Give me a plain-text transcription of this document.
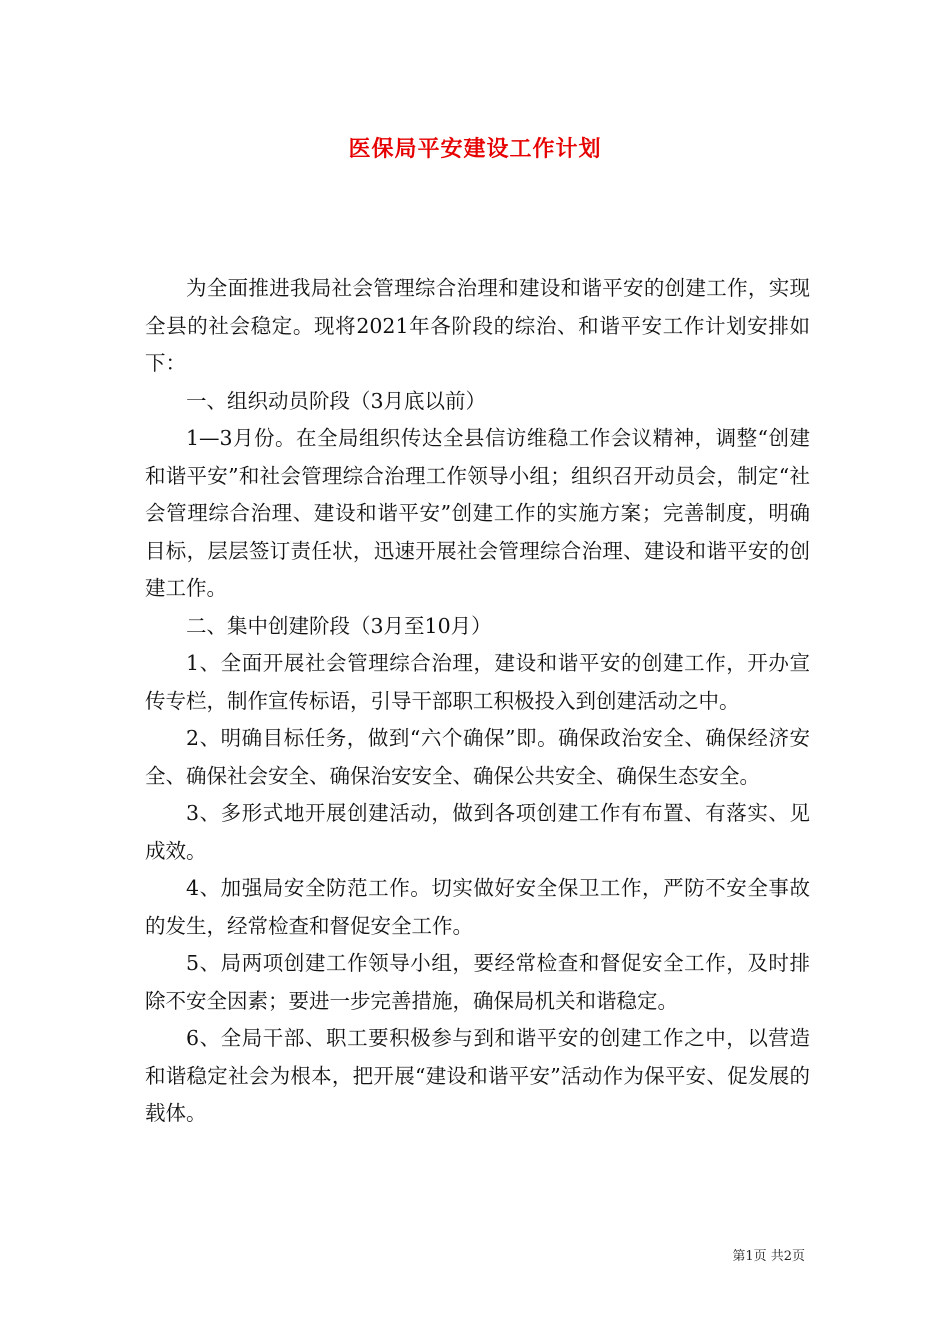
医保局平安建设工作计划

为全面推进我局社会管理综合治理和建设和谐平安的创建工作，实现全县的社会稳定。现将2021年各阶段的综治、和谐平安工作计划安排如下：

一、组织动员阶段（3月底以前）

1—3月份。在全局组织传达全县信访维稳工作会议精神，调整“创建和谐平安”和社会管理综合治理工作领导小组；组织召开动员会，制定“社会管理综合治理、建设和谐平安”创建工作的实施方案；完善制度，明确目标，层层签订责任状，迅速开展社会管理综合治理、建设和谐平安的创建工作。

二、集中创建阶段（3月至10月）

1、全面开展社会管理综合治理，建设和谐平安的创建工作，开办宣传专栏，制作宣传标语，引导干部职工积极投入到创建活动之中。

2、明确目标任务，做到“六个确保”即。确保政治安全、确保经济安全、确保社会安全、确保治安安全、确保公共安全、确保生态安全。

3、多形式地开展创建活动，做到各项创建工作有布置、有落实、见成效。

4、加强局安全防范工作。切实做好安全保卫工作，严防不安全事故的发生，经常检查和督促安全工作。

5、局两项创建工作领导小组，要经常检查和督促安全工作，及时排除不安全因素；要进一步完善措施，确保局机关和谐稳定。

6、全局干部、职工要积极参与到和谐平安的创建工作之中，以营造和谐稳定社会为根本，把开展“建设和谐平安”活动作为保平安、促发展的载体。

第1页 共2页
